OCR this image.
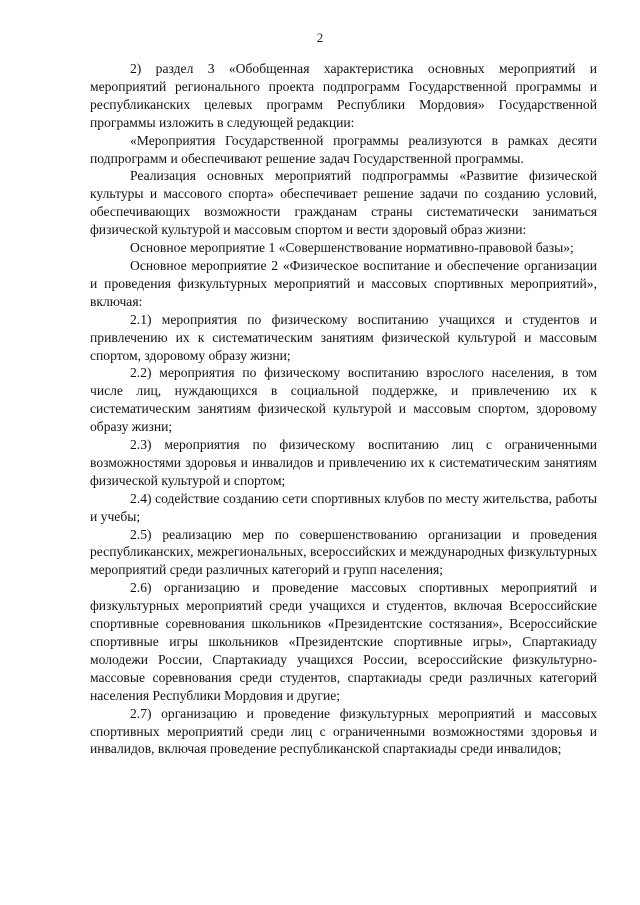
2

2) раздел 3 «Обобщенная характеристика основных мероприятий и мероприятий регионального проекта подпрограмм Государственной программы и республиканских целевых программ Республики Мордовия» Государственной программы изложить в следующей редакции:

«Мероприятия Государственной программы реализуются в рамках десяти подпрограмм и обеспечивают решение задач Государственной программы.

Реализация основных мероприятий подпрограммы «Развитие физической культуры и массового спорта» обеспечивает решение задачи по созданию условий, обеспечивающих возможности гражданам страны систематически заниматься физической культурой и массовым спортом и вести здоровый образ жизни:

Основное мероприятие 1 «Совершенствование нормативно-правовой базы»;

Основное мероприятие 2 «Физическое воспитание и обеспечение организации и проведения физкультурных мероприятий и массовых спортивных мероприятий», включая:

2.1) мероприятия по физическому воспитанию учащихся и студентов и привлечению их к систематическим занятиям физической культурой и массовым спортом, здоровому образу жизни;

2.2) мероприятия по физическому воспитанию взрослого населения, в том числе лиц, нуждающихся в социальной поддержке, и привлечению их к систематическим занятиям физической культурой и массовым спортом, здоровому образу жизни;

2.3) мероприятия по физическому воспитанию лиц с ограниченными возможностями здоровья и инвалидов и привлечению их к систематическим занятиям физической культурой и спортом;

2.4) содействие созданию сети спортивных клубов по месту жительства, работы и учебы;

2.5) реализацию мер по совершенствованию организации и проведения республиканских, межрегиональных, всероссийских и международных физкультурных мероприятий среди различных категорий и групп населения;

2.6) организацию и проведение массовых спортивных мероприятий и физкультурных мероприятий среди учащихся и студентов, включая Всероссийские спортивные соревнования школьников «Президентские состязания», Всероссийские спортивные игры школьников «Президентские спортивные игры», Спартакиаду молодежи России, Спартакиаду учащихся России, всероссийские физкультурно-массовые соревнования среди студентов, спартакиады среди различных категорий населения Республики Мордовия и другие;

2.7) организацию и проведение физкультурных мероприятий и массовых спортивных мероприятий среди лиц с ограниченными возможностями здоровья и инвалидов, включая проведение республиканской спартакиады среди инвалидов;
